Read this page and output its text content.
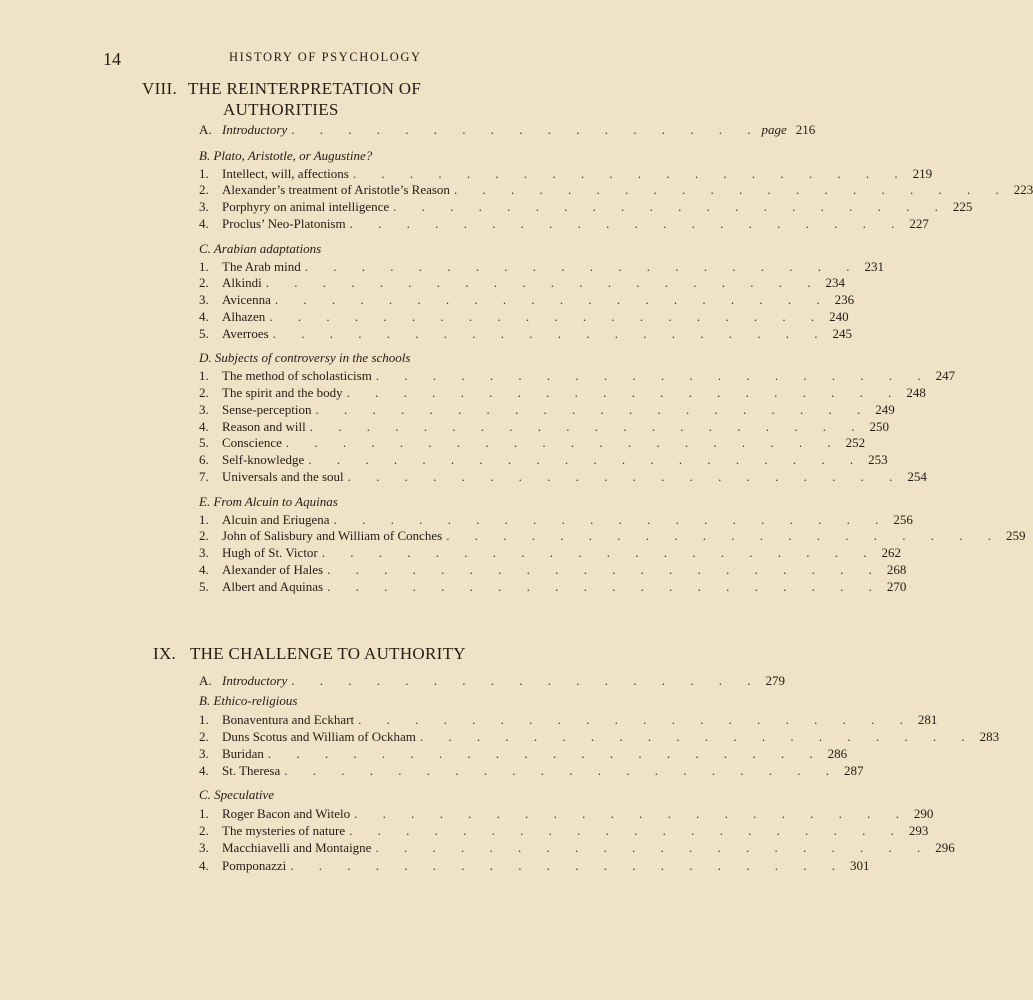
14	HISTORY OF PSYCHOLOGY
VIII. THE REINTERPRETATION OF
AUTHORITIES
A. Introductory . . . . . . . . . . . . . . . . . page 216
B. Plato, Aristotle, or Augustine?
1.	Intellect, will, affections . . . . . . . . . . . . . . . . . . . . 219
2.	Alexander’s treatment of Aristotle’s Reason . . . . . . . . . . . . . . . . . . . . 223
3.	Porphyry on animal intelligence . . . . . . . . . . . . . . . . . . . . 225
4.	Proclus’ Neo-Platonism . . . . . . . . . . . . . . . . . . . . 227
C. Arabian adaptations
1.	The Arab mind . . . . . . . . . . . . . . . . . . . . 231
2.	Alkindi . . . . . . . . . . . . . . . . . . . . 234
3.	Avicenna . . . . . . . . . . . . . . . . . . . . 236
4.	Alhazen . . . . . . . . . . . . . . . . . . . . 240
5.	Averroes . . . . . . . . . . . . . . . . . . . . 245
D. Subjects of controversy in the schools
1.	The method of scholasticism . . . . . . . . . . . . . . . . . . . . 247
2.	The spirit and the body . . . . . . . . . . . . . . . . . . . . 248
3.	Sense-perception . . . . . . . . . . . . . . . . . . . . 249
4.	Reason and will . . . . . . . . . . . . . . . . . . . . 250
5.	Conscience . . . . . . . . . . . . . . . . . . . . 252
6.	Self-knowledge . . . . . . . . . . . . . . . . . . . . 253
7.	Universals and the soul . . . . . . . . . . . . . . . . . . . . 254
E. From Alcuin to Aquinas
1.	Alcuin and Eriugena . . . . . . . . . . . . . . . . . . . . 256
2.	John of Salisbury and William of Conches . . . . . . . . . . . . . . . . . . . . 259
3.	Hugh of St. Victor . . . . . . . . . . . . . . . . . . . . 262
4.	Alexander of Hales . . . . . . . . . . . . . . . . . . . . 268
5.	Albert and Aquinas . . . . . . . . . . . . . . . . . . . . 270
IX. THE CHALLENGE TO AUTHORITY
A. Introductory . . . . . . . . . . . . . . . . . 279
B. Ethico-religious
1.	Bonaventura and Eckhart . . . . . . . . . . . . . . . . . . . . 281
2.	Duns Scotus and William of Ockham . . . . . . . . . . . . . . . . . . . . 283
3.	Buridan . . . . . . . . . . . . . . . . . . . . 286
4.	St. Theresa . . . . . . . . . . . . . . . . . . . . 287
C. Speculative
1.	Roger Bacon and Witelo . . . . . . . . . . . . . . . . . . . . 290
2.	The mysteries of nature . . . . . . . . . . . . . . . . . . . . 293
3.	Macchiavelli and Montaigne . . . . . . . . . . . . . . . . . . . . 296
4.	Pomponazzi . . . . . . . . . . . . . . . . . . . . 301
